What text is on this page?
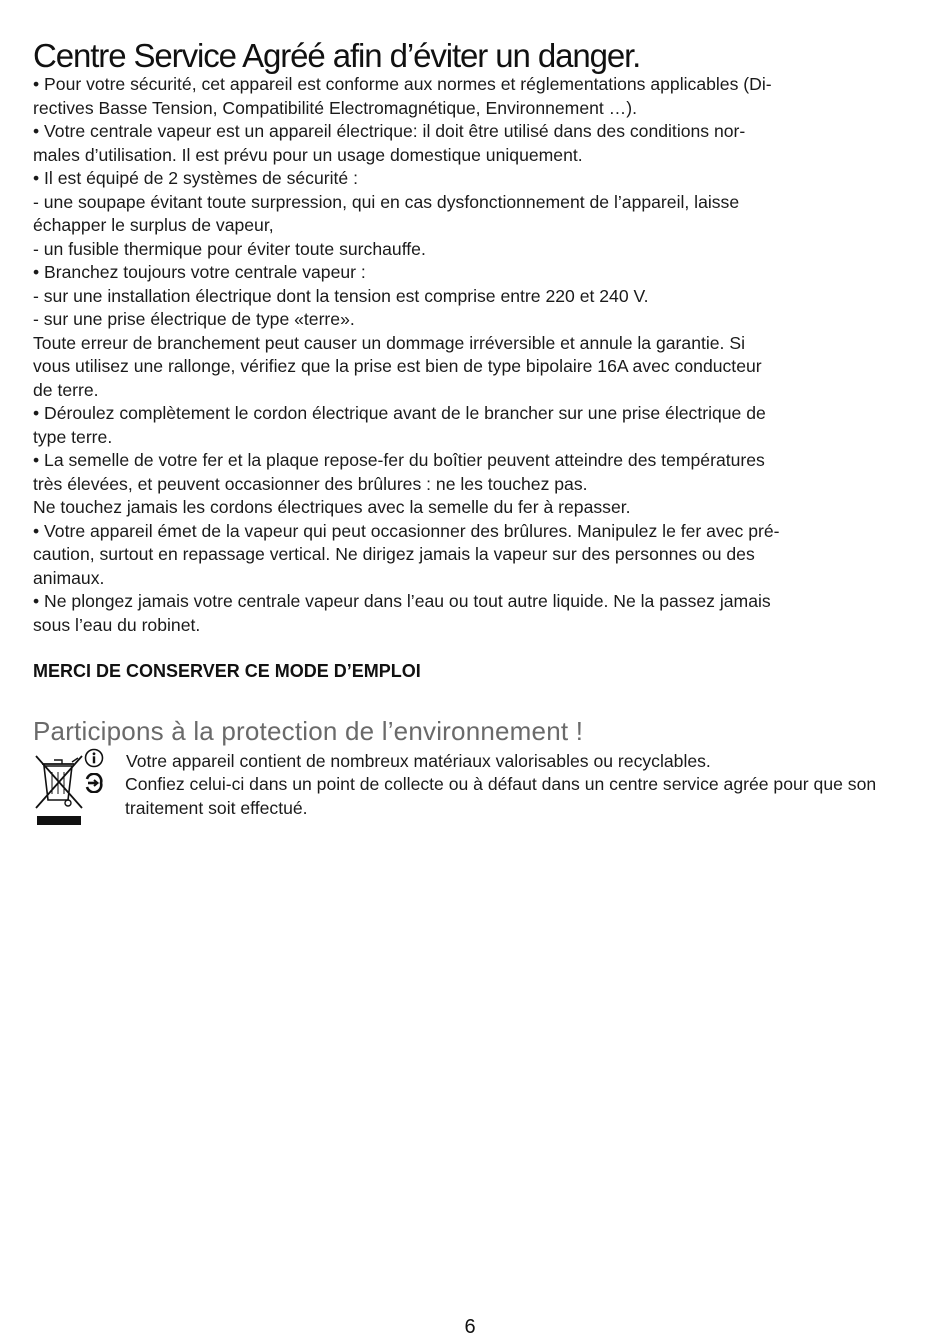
Centre Service Agréé afin d’éviter un danger.
• Pour votre sécurité, cet appareil est conforme aux normes et réglementations applicables (Di-
rectives Basse Tension, Compatibilité Electromagnétique, Environnement …).
• Votre centrale vapeur est un appareil électrique: il doit être utilisé dans des conditions nor-
males d’utilisation. Il est prévu pour un usage domestique uniquement.
• Il est équipé de 2 systèmes de sécurité :
- une soupape évitant toute surpression, qui en cas dysfonctionnement de l’appareil, laisse
échapper le surplus de vapeur,
- un fusible thermique pour éviter toute surchauffe.
• Branchez toujours votre centrale vapeur :
- sur une installation électrique dont la tension est comprise entre 220 et 240 V.
- sur une prise électrique de type «terre».
Toute erreur de branchement peut causer un dommage irréversible et annule la garantie. Si
vous utilisez une rallonge, vérifiez que la prise est bien de type bipolaire 16A avec conducteur
de terre.
• Déroulez complètement le cordon électrique avant de le brancher sur une prise électrique de
type terre.
• La semelle de votre fer et la plaque repose-fer du boîtier peuvent atteindre des températures
très élevées, et peuvent occasionner des brûlures : ne les touchez pas.
Ne touchez jamais les cordons électriques avec la semelle du fer à repasser.
• Votre appareil émet de la vapeur qui peut occasionner des brûlures. Manipulez le fer avec pré-
caution, surtout en repassage vertical. Ne dirigez jamais la vapeur sur des personnes ou des
animaux.
• Ne plongez jamais votre centrale vapeur dans l’eau ou tout autre liquide. Ne la passez jamais
sous l’eau du robinet.
MERCI DE CONSERVER CE MODE D’EMPLOI
Participons à la protection de l’environnement !
Votre appareil contient de nombreux matériaux valorisables ou recyclables.
Confiez celui-ci dans un point de collecte ou à défaut dans un centre service agrée pour que son traitement soit effectué.
6
